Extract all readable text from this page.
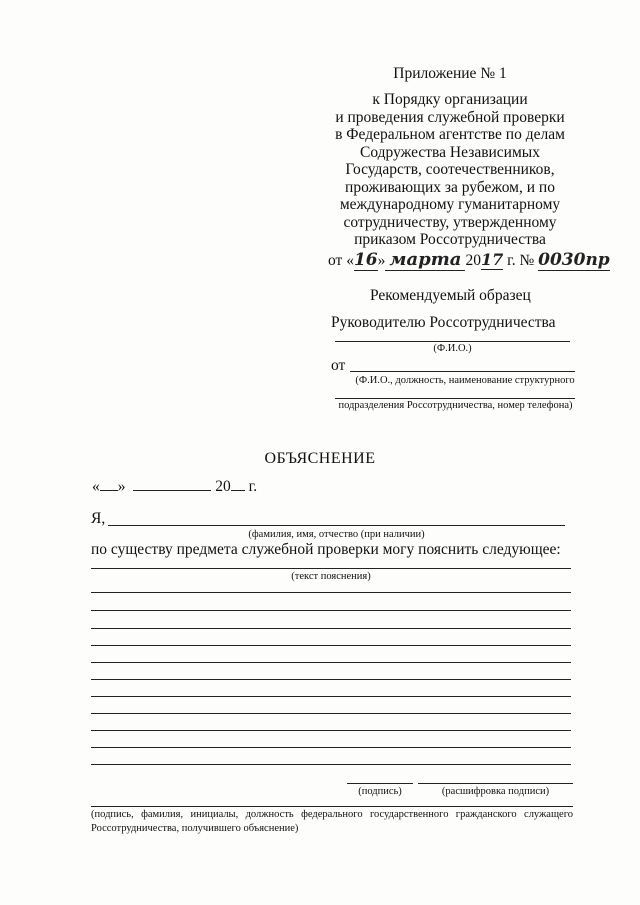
Приложение № 1
к Порядку организации
и проведения служебной проверки
в Федеральном агентстве по делам
Содружества Независимых
Государств, соотечественников,
проживающих за рубежом, и по
международному гуманитарному
сотрудничеству, утвержденному
приказом Россотрудничества
от «16» марта 2017 г. № 0030пр
Рекомендуемый образец
Руководителю Россотрудничества
(Ф.И.О.)
от
(Ф.И.О., должность, наименование структурного
подразделения Россотрудничества, номер телефона)
ОБЪЯСНЕНИЕ
« »	20 г.
Я,
(фамилия, имя, отчество (при наличии)
по существу предмета служебной проверки могу пояснить следующее:
(текст пояснения)
(подпись)	(расшифровка подписи)
(подпись, фамилия, инициалы, должность федерального государственного гражданского служащего
Россотрудничества, получившего объяснение)
